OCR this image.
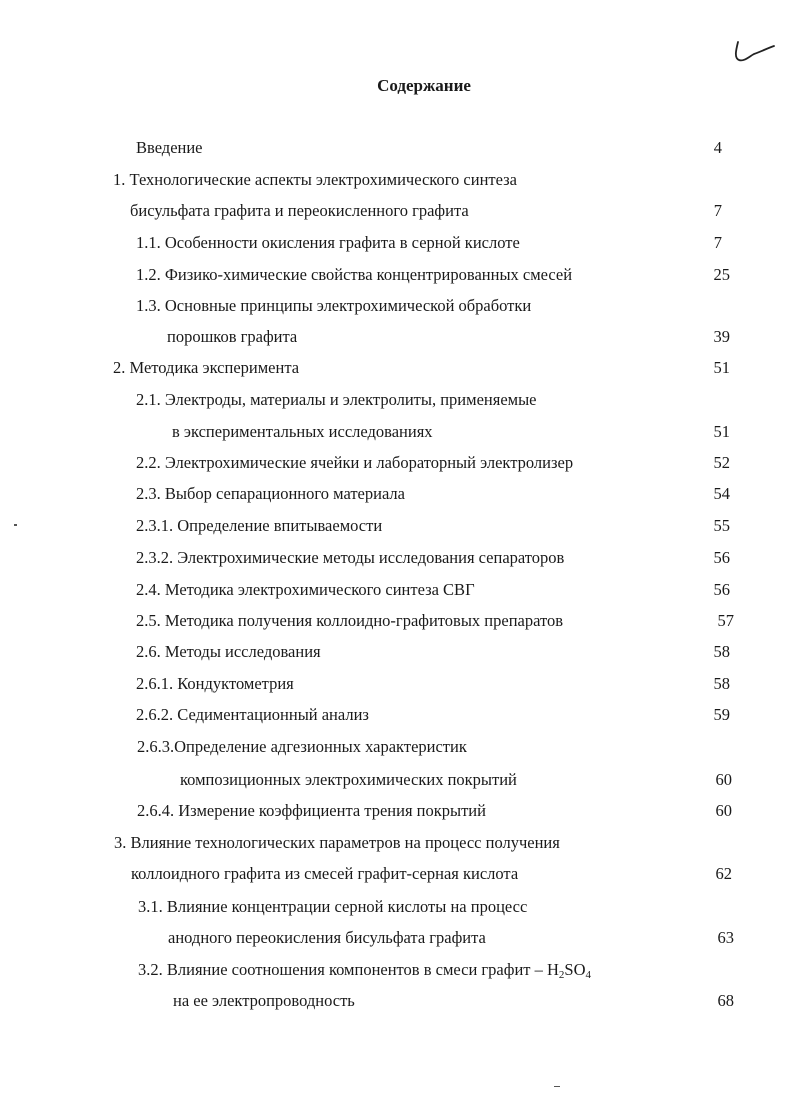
Содержание
Введение	4
1. Технологические аспекты электрохимического синтеза
бисульфата графита и переокисленного графита	7
1.1. Особенности окисления графита в серной кислоте	7
1.2. Физико-химические свойства концентрированных смесей	25
1.3. Основные принципы электрохимической обработки
порошков графита	39
2. Методика эксперимента	51
2.1. Электроды, материалы и электролиты, применяемые
в экспериментальных исследованиях	51
2.2. Электрохимические ячейки и лабораторный электролизер	52
2.3. Выбор сепарационного материала	54
2.3.1. Определение впитываемости	55
2.3.2. Электрохимические методы исследования сепараторов	56
2.4. Методика электрохимического синтеза СВГ	56
2.5. Методика получения коллоидно-графитовых препаратов	57
2.6. Методы исследования	58
2.6.1. Кондуктометрия	58
2.6.2. Седиментационный анализ	59
2.6.3.Определение адгезионных характеристик
композиционных электрохимических покрытий	60
2.6.4. Измерение коэффициента трения покрытий	60
3. Влияние технологических параметров на процесс получения
коллоидного графита из смесей графит-серная кислота	62
3.1. Влияние концентрации серной кислоты на процесс
анодного переокисления бисульфата графита	63
3.2. Влияние соотношения компонентов в смеси графит – $H_2SO_4$
на ее электропроводность	68
